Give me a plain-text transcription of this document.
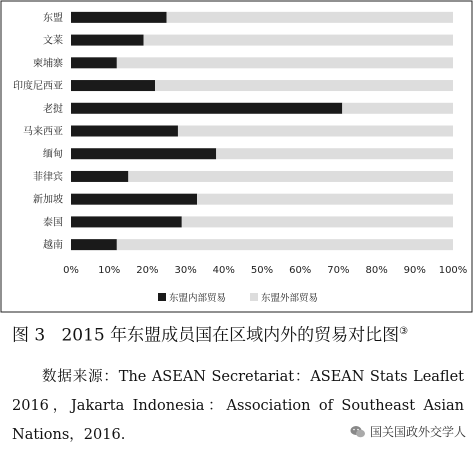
东盟
文莱
柬埔寨
印度尼西亚
老挝
马来西亚
缅甸
菲律宾
新加坡
泰国
越南
0% 10% 20% 30% 40% 50% 60% 70% 80% 90% 100%
东盟内部贸易	东盟外部贸易
图 3 2015 年东盟成员国在区域内外的贸易对比图③
数据来源：The ASEAN Secretariat：ASEAN Stats Leaflet 2016，Jakarta Indonesia：Association of Southeast Asian Nations，2016.	国关国政外交学人
